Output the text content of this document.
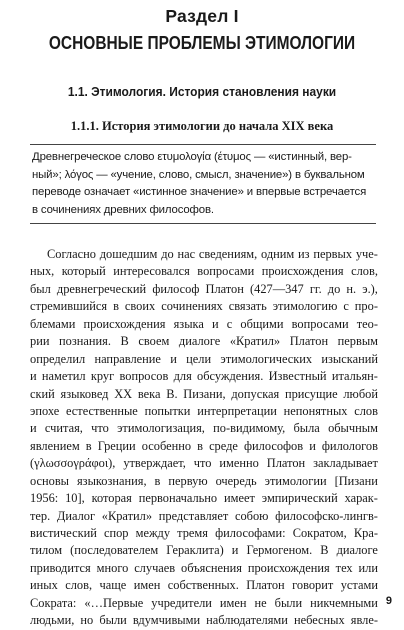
Раздел I
ОСНОВНЫЕ ПРОБЛЕМЫ ЭТИМОЛОГИИ
1.1. Этимология. История становления науки
1.1.1. История этимологии до начала XIX века
Древнегреческое слово ετυμολογία (έτυμος — «истинный, вер-
ный»; λόγος — «учение, слово, смысл, значение») в буквальном
переводе означает «истинное значение» и впервые встречается
в сочинениях древних философов.
Согласно дошедшим до нас сведениям, одним из первых уче-
ных, который интересовался вопросами происхождения слов,
был древнегреческий философ Платон (427—347 гг. до н. э.),
стремившийся в своих сочинениях связать этимологию с про-
блемами происхождения языка и с общими вопросами тео-
рии познания. В своем диалоге «Кратил» Платон первым
определил направление и цели этимологических изысканий
и наметил круг вопросов для обсуждения. Известный итальян-
ский языковед XX века В. Пизани, допуская присущие любой
эпохе естественные попытки интерпретации непонятных слов
и считая, что этимологизация, по-видимому, была обычным
явлением в Греции особенно в среде философов и филологов
(γλωσσογράφοι), утверждает, что именно Платон закладывает
основы языкознания, в первую очередь этимологии [Пизани
1956: 10], которая первоначально имеет эмпирический харак-
тер. Диалог «Кратил» представляет собою философско-лингв-
вистический спор между тремя философами: Сократом, Кра-
тилом (последователем Гераклита) и Гермогеном. В диалоге
приводится много случаев объяснения происхождения тех или
иных слов, чаще имен собственных. Платон говорит устами
Сократа: «…Первые учредители имен не были никчемными
людьми, но были вдумчивыми наблюдателями небесных явле-
9
